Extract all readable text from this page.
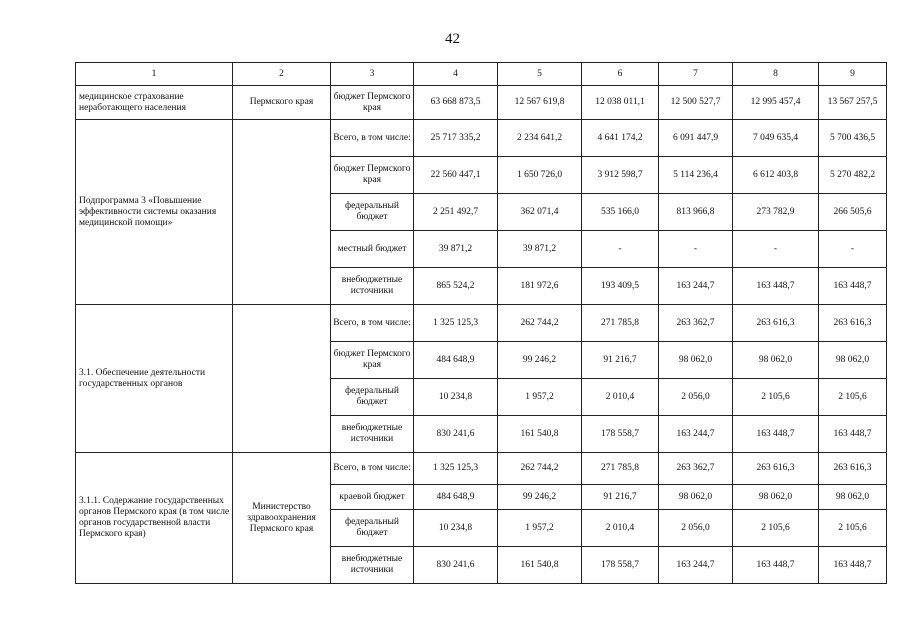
42
1	2	3	4	5	6	7	8	9
медицинское страхование неработающего населения	Пермского края	бюджет Пермского края	63 668 873,5	12 567 619,8	12 038 011,1	12 500 527,7	12 995 457,4	13 567 257,5
Подпрограмма 3 «Повышение эффективности системы оказания медицинской помощи»		Всего, в том числе:	25 717 335,2	2 234 641,2	4 641 174,2	6 091 447,9	7 049 635,4	5 700 436,5
		бюджет Пермского края	22 560 447,1	1 650 726,0	3 912 598,7	5 114 236,4	6 612 403,8	5 270 482,2
		федеральный бюджет	2 251 492,7	362 071,4	535 166,0	813 966,8	273 782,9	266 505,6
		местный бюджет	39 871,2	39 871,2	-	-	-	-
		внебюджетные источники	865 524,2	181 972,6	193 409,5	163 244,7	163 448,7	163 448,7
3.1. Обеспечение деятельности государственных органов		Всего, в том числе:	1 325 125,3	262 744,2	271 785,8	263 362,7	263 616,3	263 616,3
		бюджет Пермского края	484 648,9	99 246,2	91 216,7	98 062,0	98 062,0	98 062,0
		федеральный бюджет	10 234,8	1 957,2	2 010,4	2 056,0	2 105,6	2 105,6
		внебюджетные источники	830 241,6	161 540,8	178 558,7	163 244,7	163 448,7	163 448,7
3.1.1. Содержание государственных органов Пермского края (в том числе органов государственной власти Пермского края)	Министерство здравоохранения Пермского края	Всего, в том числе:	1 325 125,3	262 744,2	271 785,8	263 362,7	263 616,3	263 616,3
		краевой бюджет	484 648,9	99 246,2	91 216,7	98 062,0	98 062,0	98 062,0
		федеральный бюджет	10 234,8	1 957,2	2 010,4	2 056,0	2 105,6	2 105,6
		внебюджетные источники	830 241,6	161 540,8	178 558,7	163 244,7	163 448,7	163 448,7
